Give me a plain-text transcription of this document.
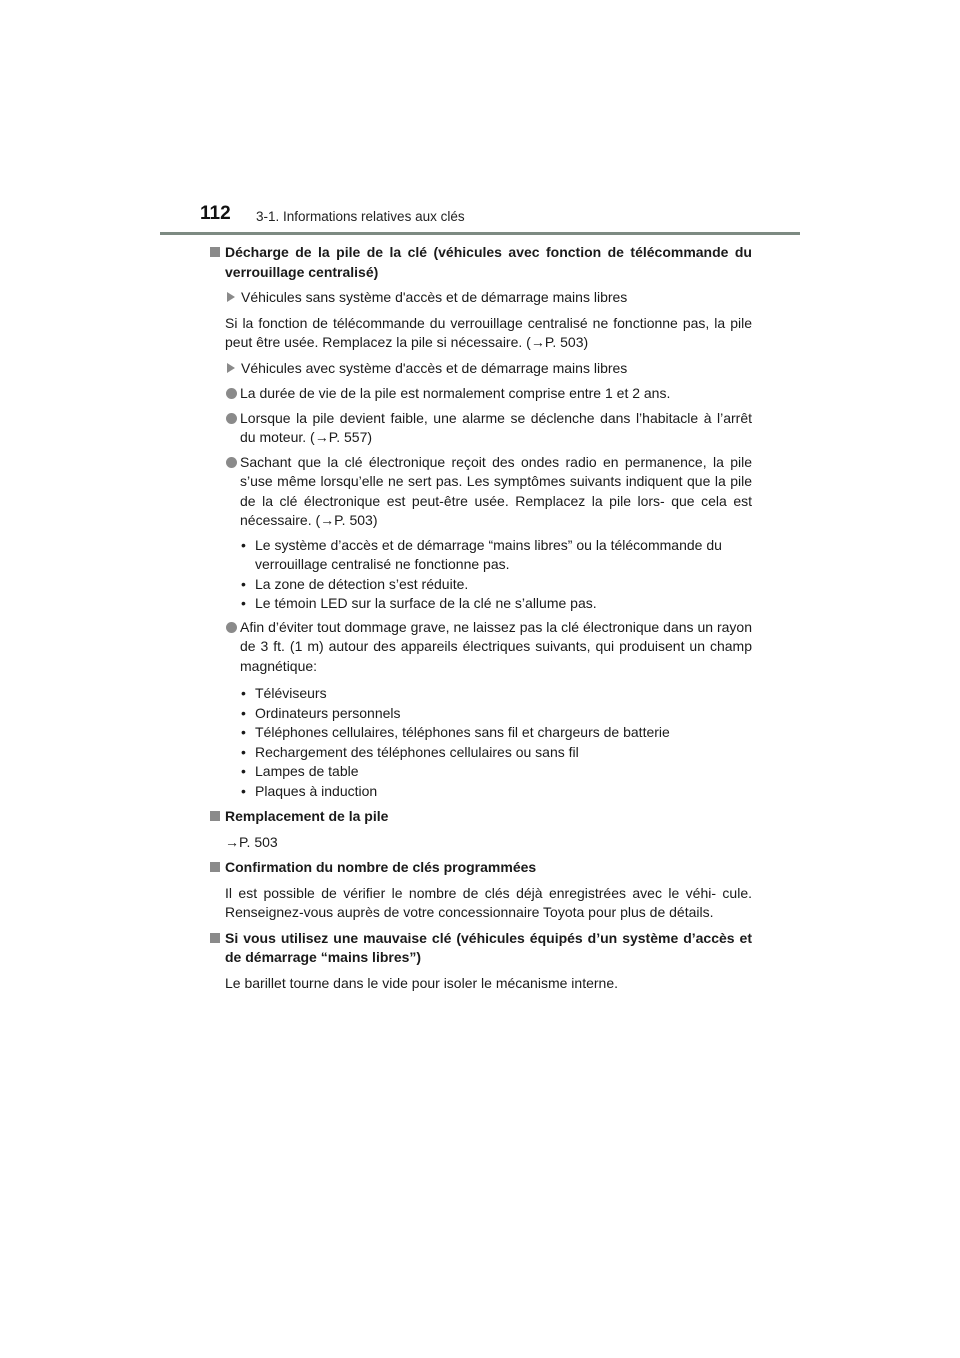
112 3-1. Informations relatives aux clés
Décharge de la pile de la clé (véhicules avec fonction de télécommande du verrouillage centralisé)
Véhicules sans système d'accès et de démarrage mains libres
Si la fonction de télécommande du verrouillage centralisé ne fonctionne pas, la pile peut être usée. Remplacez la pile si nécessaire. (→P. 503)
Véhicules avec système d'accès et de démarrage mains libres
La durée de vie de la pile est normalement comprise entre 1 et 2 ans.
Lorsque la pile devient faible, une alarme se déclenche dans l’habitacle à l’arrêt du moteur. (→P. 557)
Sachant que la clé électronique reçoit des ondes radio en permanence, la pile s’use même lorsqu’elle ne sert pas. Les symptômes suivants indiquent que la pile de la clé électronique est peut-être usée. Remplacez la pile lors- que cela est nécessaire. (→P. 503)
• Le système d’accès et de démarrage “mains libres” ou la télécommande du verrouillage centralisé ne fonctionne pas.
• La zone de détection s’est réduite.
• Le témoin LED sur la surface de la clé ne s’allume pas.
Afin d’éviter tout dommage grave, ne laissez pas la clé électronique dans un rayon de 3 ft. (1 m) autour des appareils électriques suivants, qui produisent un champ magnétique:
• Téléviseurs
• Ordinateurs personnels
• Téléphones cellulaires, téléphones sans fil et chargeurs de batterie
• Rechargement des téléphones cellulaires ou sans fil
• Lampes de table
• Plaques à induction
Remplacement de la pile
→P. 503
Confirmation du nombre de clés programmées
Il est possible de vérifier le nombre de clés déjà enregistrées avec le véhi- cule. Renseignez-vous auprès de votre concessionnaire Toyota pour plus de détails.
Si vous utilisez une mauvaise clé (véhicules équipés d’un système d’accès et de démarrage “mains libres”)
Le barillet tourne dans le vide pour isoler le mécanisme interne.
